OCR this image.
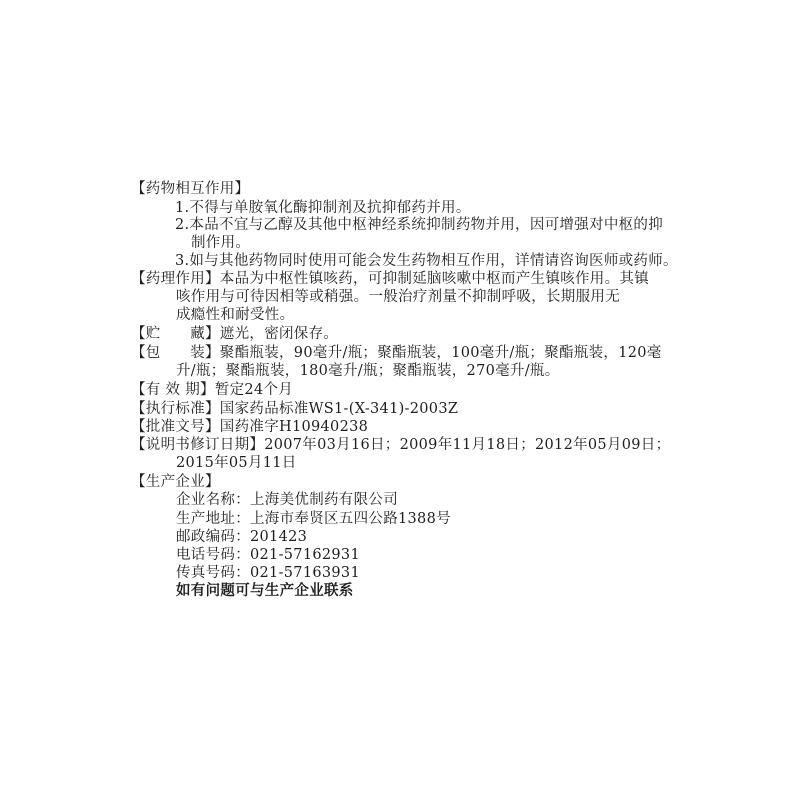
【药物相互作用】
1.不得与单胺氧化酶抑制剂及抗抑郁药并用。
2.本品不宜与乙醇及其他中枢神经系统抑制药物并用，因可增强对中枢的抑
制作用。
3.如与其他药物同时使用可能会发生药物相互作用，详情请咨询医师或药师。
【药理作用】本品为中枢性镇咳药，可抑制延脑咳嗽中枢而产生镇咳作用。其镇
咳作用与可待因相等或稍强。一般治疗剂量不抑制呼吸，长期服用无
成瘾性和耐受性。
【贮　　藏】遮光，密闭保存。
【包　　装】聚酯瓶装，90毫升/瓶；聚酯瓶装，100毫升/瓶；聚酯瓶装，120毫
升/瓶；聚酯瓶装，180毫升/瓶；聚酯瓶装，270毫升/瓶。
【有 效 期】暂定24个月
【执行标准】国家药品标准WS1-(X-341)-2003Z
【批准文号】国药准字H10940238
【说明书修订日期】2007年03月16日；2009年11月18日；2012年05月09日；
2015年05月11日
【生产企业】
企业名称：上海美优制药有限公司
生产地址：上海市奉贤区五四公路1388号
邮政编码：201423
电话号码：021-57162931
传真号码：021-57163931
如有问题可与生产企业联系
